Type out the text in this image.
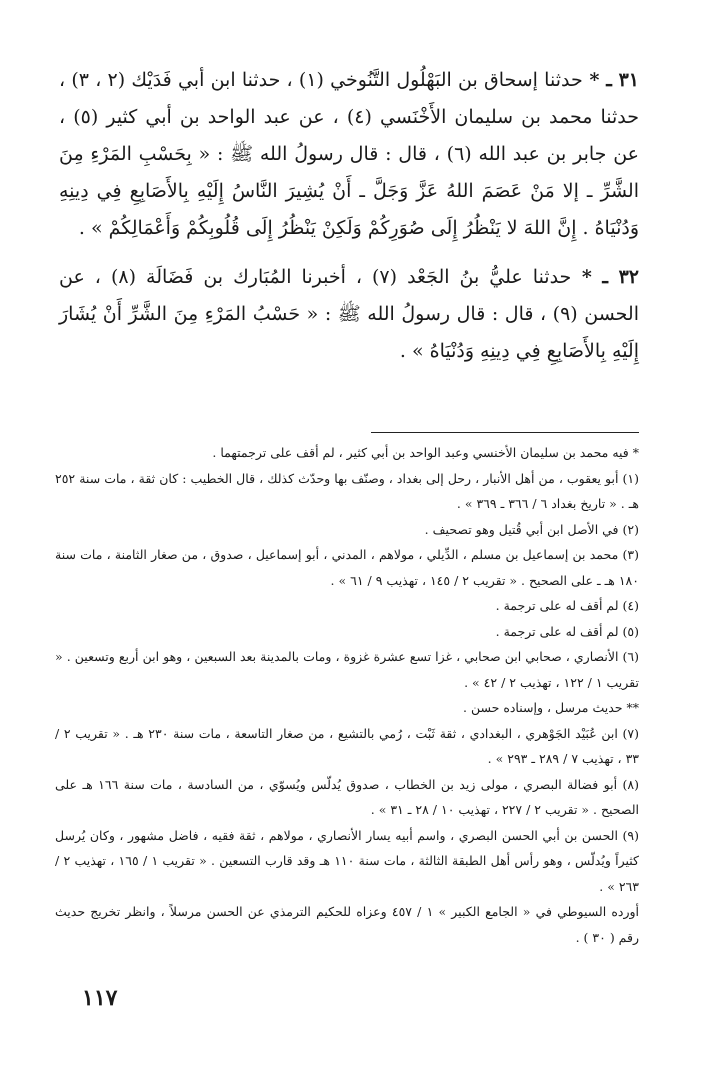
٣١ ـ * حدثنا إسحاق بن البَهْلُول التَّنُوخي (١) ، حدثنا ابن أبي فَدَيْك (٢ ، ٣) ، حدثنا محمد بن سليمان الأَخْنَسي (٤) ، عن عبد الواحد بن أبي كثير (٥) ، عن جابر بن عبد الله (٦) ، قال : قال رسولُ الله ﷺ : « بِحَسْبِ المَرْءِ مِنَ الشَّرِّ ـ إلا مَنْ عَصَمَ اللهُ عَزَّ وَجَلَّ ـ أَنْ يُشِيرَ النَّاسُ إِلَيْهِ بِالأَصَابِعِ فِي دِينِهِ وَدُنْيَاهُ . إِنَّ اللهَ لا يَنْظُرُ إِلَى صُوَرِكُمْ وَلَكِنْ يَنْظُرُ إِلَى قُلُوبِكُمْ وَأَعْمَالِكُمْ » .

٣٢ ـ * حدثنا عليُّ بنُ الجَعْد (٧) ، أخبرنا المُبَارك بن فَضَالَة (٨) ، عن الحسن (٩) ، قال : قال رسولُ الله ﷺ : « حَسْبُ المَرْءِ مِنَ الشَّرِّ أَنْ يُشَارَ إِلَيْهِ بِالأَصَابِعِ فِي دِينِهِ وَدُنْيَاهُ » .

* فيه محمد بن سليمان الأخنسي وعبد الواحد بن أبي كثير ، لم أقف على ترجمتهما .

(١) أبو يعقوب ، من أهل الأنبار ، رحل إلى بغداد ، وصنّف بها وحدّث كذلك ، قال الخطيب : كان ثقة ، مات سنة ٢٥٢ هـ . « تاريخ بغداد ٦ / ٣٦٦ ـ ٣٦٩ » .

(٢) في الأصل ابن أبي قُتيل وهو تصحيف .

(٣) محمد بن إسماعيل بن مسلم ، الدِّيلي ، مولاهم ، المدني ، أبو إسماعيل ، صدوق ، من صغار الثامنة ، مات سنة ١٨٠ هـ ـ على الصحيح . « تقريب ٢ / ١٤٥ ، تهذيب ٩ / ٦١ » .

(٤) لم أقف له على ترجمة .

(٥) لم أقف له على ترجمة .

(٦) الأنصاري ، صحابي ابن صحابي ، غزا تسع عشرة غزوة ، ومات بالمدينة بعد السبعين ، وهو ابن أربع وتسعين . « تقريب ١ / ١٢٢ ، تهذيب ٢ / ٤٢ » .

** حديث مرسل ، وإسناده حسن .

(٧) ابن عُبَيْد الجَوْهري ، البغدادي ، ثقة ثَبْت ، رُمي بالتشيع ، من صغار التاسعة ، مات سنة ٢٣٠ هـ . « تقريب ٢ / ٣٣ ، تهذيب ٧ / ٢٨٩ ـ ٢٩٣ » .

(٨) أبو فضالة البصري ، مولى زيد بن الخطاب ، صدوق يُدلّس ويُسوّي ، من السادسة ، مات سنة ١٦٦ هـ على الصحيح . « تقريب ٢ / ٢٢٧ ، تهذيب ١٠ / ٢٨ ـ ٣١ » .

(٩) الحسن بن أبي الحسن البصري ، واسم أبيه يسار الأنصاري ، مولاهم ، ثقة فقيه ، فاضل مشهور ، وكان يُرسل كثيراً ويُدلّس ، وهو رأس أهل الطبقة الثالثة ، مات سنة ١١٠ هـ وقد قارب التسعين . « تقريب ١ / ١٦٥ ، تهذيب ٢ / ٢٦٣ » .

أورده السيوطي في « الجامع الكبير » ١ / ٤٥٧ وعزاه للحكيم الترمذي عن الحسن مرسلاً ، وانظر تخريج حديث رقم ( ٣٠ ) .

١١٧
